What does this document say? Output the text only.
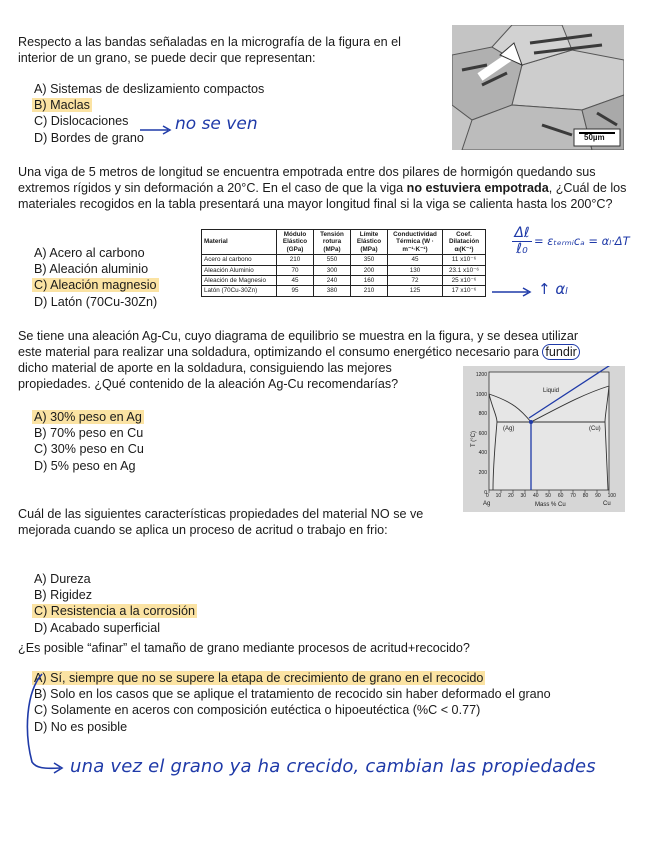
Respecto a las bandas señaladas en la micrografía de la figura en el interior de un grano, se puede decir que representan:
A) Sistemas de deslizamiento compactos
B) Maclas
C) Dislocaciones
D) Bordes de grano
no se ven
50µm
Una viga de 5 metros de longitud se encuentra empotrada entre dos pilares de hormigón quedando sus extremos rígidos y sin deformación a 20°C. En el caso de que la viga no estuviera empotrada, ¿Cuál de los materiales recogidos en la tabla presentará una mayor longitud final si la viga se calienta hasta los 200°C?
A) Acero al carbono
B) Aleación aluminio
C) Aleación magnesio
D) Latón (70Cu-30Zn)
Material	Módulo Elástico (GPa)	Tensión rotura (MPa)	Límite Elástico (MPa)	Conductividad Térmica (W · m⁻¹·K⁻¹)	Coef. Dilatación αₗ(K⁻¹)
Acero al carbono	210	550	350	45	11 x10⁻⁶
Aleación Aluminio	70	300	200	130	23.1 x10⁻⁶
Aleación de Magnesio	45	240	160	72	25 x10⁻⁶
Latón (70Cu-30Zn)	95	380	210	125	17 x10⁻⁶
Δℓ
ℓ₀ = εₜₑᵣₘᵢcₐ = αₗ·ΔT
↑ αₗ
Se tiene una aleación Ag-Cu, cuyo diagrama de equilibrio se muestra en la figura, y se desea utilizar
este material para realizar una soldadura, optimizando el consumo energético necesario para fundir
dicho material de aporte en la soldadura, consiguiendo las mejores propiedades. ¿Qué contenido de la aleación Ag-Cu recomendarías?
A) 30% peso en Ag
B) 70% peso en Cu
C) 30% peso en Cu
D) 5% peso en Ag
1200
1000
800
600
400
200
0
T (°C)
0 10 20 30 40 50 60 70 80 90 100
Ag	Cu
Mass % Cu
Liquid
(Ag)	(Cu)
Cuál de las siguientes características propiedades del material NO se ve mejorada cuando se aplica un proceso de acritud o trabajo en frio:
A) Dureza
B) Rigidez
C) Resistencia a la corrosión
D) Acabado superficial
¿Es posible “afinar” el tamaño de grano mediante procesos de acritud+recocido?
A) Sí, siempre que no se supere la etapa de crecimiento de grano en el recocido
B) Solo en los casos que se aplique el tratamiento de recocido sin haber deformado el grano
C) Solamente en aceros con composición eutéctica o hipoeutéctica (%C < 0.77)
D) No es posible
una vez el grano ya ha crecido, cambian las propiedades
